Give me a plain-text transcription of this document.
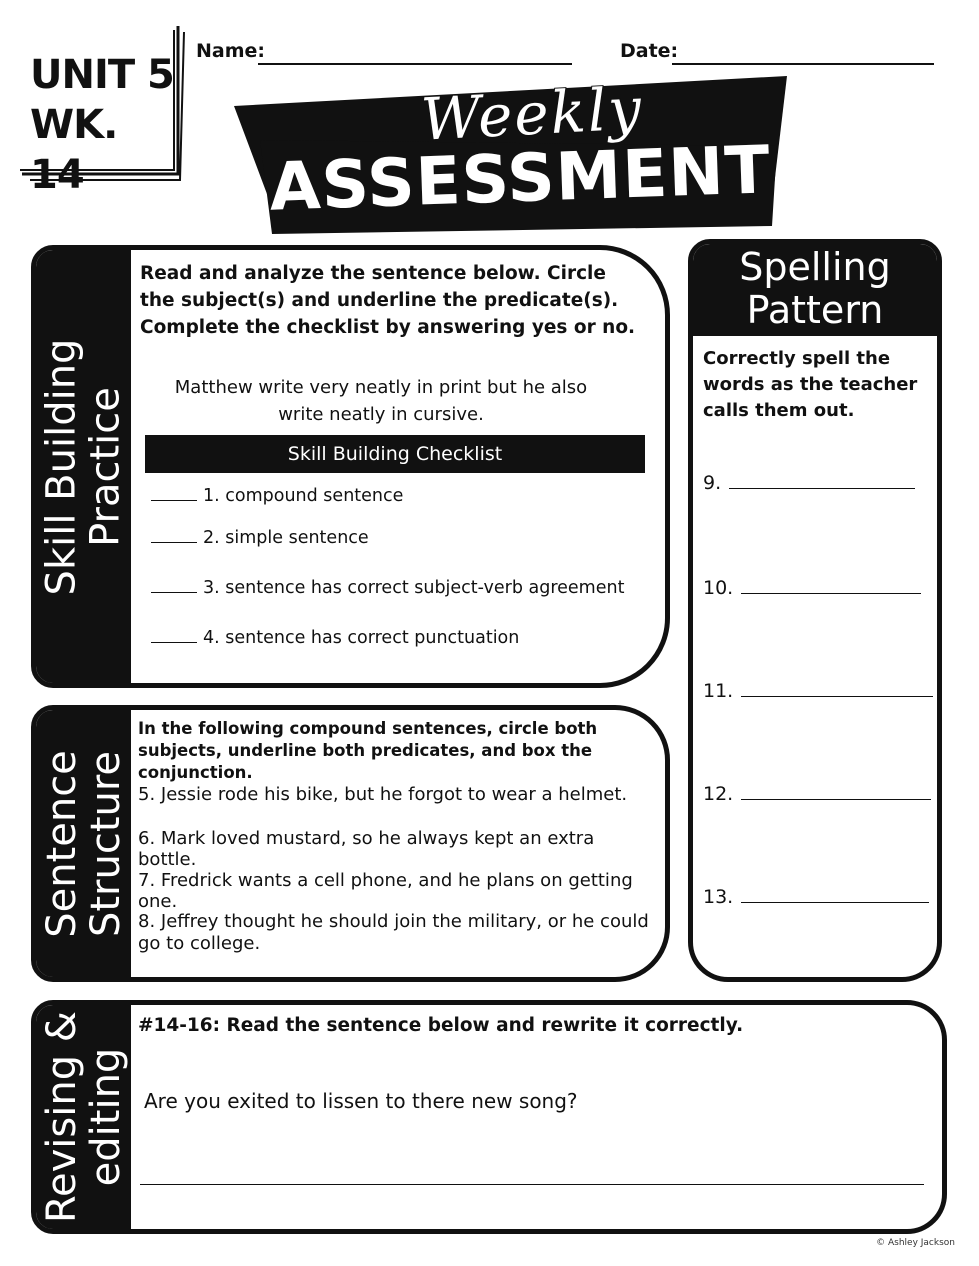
UNIT 5
WK. 14
Name:	Date:
Weekly
ASSESSMENT
Skill Building
Practice
Read and analyze the sentence below. Circle the subject(s) and underline the predicate(s). Complete the checklist by answering yes or no.
Matthew write very neatly in print but he also write neatly in cursive.
Skill Building Checklist
1. compound sentence
2. simple sentence
3. sentence has correct subject-verb agreement
4. sentence has correct punctuation
Sentence
Structure
In the following compound sentences, circle both subjects, underline both predicates, and box the conjunction.
5. Jessie rode his bike, but he forgot to wear a helmet.
6. Mark loved mustard, so he always kept an extra bottle.
7. Fredrick wants a cell phone, and he plans on getting one.
8. Jeffrey thought he should join the military, or he could go to college.
Spelling
Pattern
Correctly spell the words as the teacher calls them out.
9.
10.
11.
12.
13.
Revising &
editing
#14-16: Read the sentence below and rewrite it correctly.
Are you exited to lissen to there new song?
© Ashley Jackson
